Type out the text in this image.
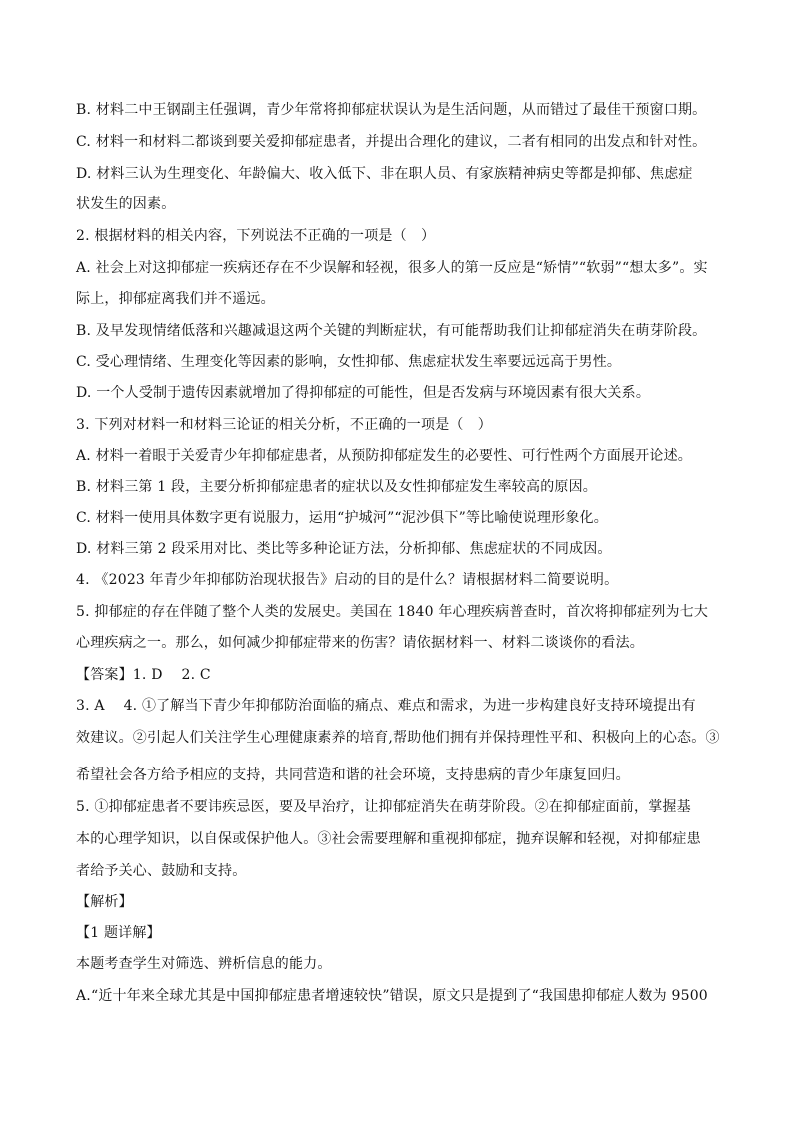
B. 材料二中王钢副主任强调，青少年常将抑郁症状误认为是生活问题，从而错过了最佳干预窗口期。
C. 材料一和材料二都谈到要关爱抑郁症患者，并提出合理化的建议，二者有相同的出发点和针对性。
D. 材料三认为生理变化、年龄偏大、收入低下、非在职人员、有家族精神病史等都是抑郁、焦虑症
状发生的因素。
2. 根据材料的相关内容，下列说法不正确的一项是（　）
A. 社会上对这抑郁症一疾病还存在不少误解和轻视，很多人的第一反应是“矫情”“软弱”“想太多”。实
际上，抑郁症离我们并不遥远。
B. 及早发现情绪低落和兴趣减退这两个关键的判断症状，有可能帮助我们让抑郁症消失在萌芽阶段。
C. 受心理情绪、生理变化等因素的影响，女性抑郁、焦虑症状发生率要远远高于男性。
D. 一个人受制于遗传因素就增加了得抑郁症的可能性，但是否发病与环境因素有很大关系。
3. 下列对材料一和材料三论证的相关分析，不正确的一项是（　）
A. 材料一着眼于关爱青少年抑郁症患者，从预防抑郁症发生的必要性、可行性两个方面展开论述。
B. 材料三第 1 段，主要分析抑郁症患者的症状以及女性抑郁症发生率较高的原因。
C. 材料一使用具体数字更有说服力，运用“护城河”“泥沙俱下”等比喻使说理形象化。
D. 材料三第 2 段采用对比、类比等多种论证方法，分析抑郁、焦虑症状的不同成因。
4. 《2023 年青少年抑郁防治现状报告》启动的目的是什么？请根据材料二简要说明。
5. 抑郁症的存在伴随了整个人类的发展史。美国在 1840 年心理疾病普查时，首次将抑郁症列为七大
心理疾病之一。那么，如何减少抑郁症带来的伤害？请依据材料一、材料二谈谈你的看法。
【答案】1. D　 2. C
3. A　 4. ①了解当下青少年抑郁防治面临的痛点、难点和需求，为进一步构建良好支持环境提出有
效建议。②引起人们关注学生心理健康素养的培育,帮助他们拥有并保持理性平和、积极向上的心态。③
希望社会各方给予相应的支持，共同营造和谐的社会环境，支持患病的青少年康复回归。
5. ①抑郁症患者不要讳疾忌医，要及早治疗，让抑郁症消失在萌芽阶段。②在抑郁症面前，掌握基
本的心理学知识，以自保或保护他人。③社会需要理解和重视抑郁症，抛弃误解和轻视，对抑郁症患
者给予关心、鼓励和支持。
【解析】
【1 题详解】
本题考查学生对筛选、辨析信息的能力。
A.“近十年来全球尤其是中国抑郁症患者增速较快”错误，原文只是提到了“我国患抑郁症人数为 9500
